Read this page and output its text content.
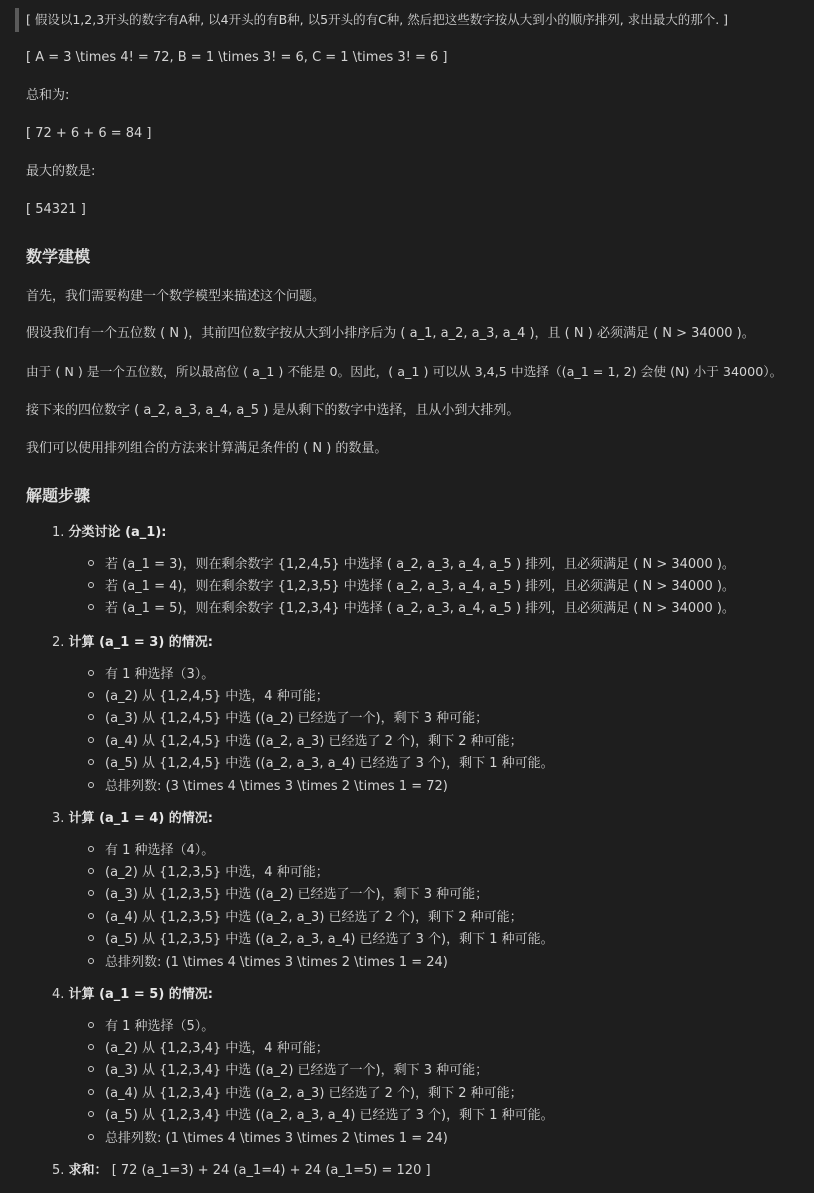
[ 假设以1,2,3开头的数字有A种, 以4开头的有B种, 以5开头的有C种, 然后把这些数字按从大到小的顺序排列, 求出最大的那个. ]
[ A = 3 \times 4! = 72, B = 1 \times 3! = 6, C = 1 \times 3! = 6 ]
总和为:
[ 72 + 6 + 6 = 84 ]
最大的数是:
[ 54321 ]
数学建模
首先，我们需要构建一个数学模型来描述这个问题。
假设我们有一个五位数 ( N )，其前四位数字按从大到小排序后为 ( a_1, a_2, a_3, a_4 )，且 ( N ) 必须满足 ( N > 34000 )。
由于 ( N ) 是一个五位数，所以最高位 ( a_1 ) 不能是 0。因此，( a_1 ) 可以从 3,4,5 中选择（(a_1 = 1, 2) 会使 (N) 小于 34000）。
接下来的四位数字 ( a_2, a_3, a_4, a_5 ) 是从剩下的数字中选择，且从小到大排列。
我们可以使用排列组合的方法来计算满足条件的 ( N ) 的数量。
解题步骤
1. 分类讨论 (a_1):
若 (a_1 = 3)，则在剩余数字 {1,2,4,5} 中选择 ( a_2, a_3, a_4, a_5 ) 排列，且必须满足 ( N > 34000 )。
若 (a_1 = 4)，则在剩余数字 {1,2,3,5} 中选择 ( a_2, a_3, a_4, a_5 ) 排列，且必须满足 ( N > 34000 )。
若 (a_1 = 5)，则在剩余数字 {1,2,3,4} 中选择 ( a_2, a_3, a_4, a_5 ) 排列，且必须满足 ( N > 34000 )。
2. 计算 (a_1 = 3) 的情况:
有 1 种选择（3）。
(a_2) 从 {1,2,4,5} 中选，4 种可能；
(a_3) 从 {1,2,4,5} 中选 ((a_2) 已经选了一个)，剩下 3 种可能；
(a_4) 从 {1,2,4,5} 中选 ((a_2, a_3) 已经选了 2 个)，剩下 2 种可能；
(a_5) 从 {1,2,4,5} 中选 ((a_2, a_3, a_4) 已经选了 3 个)，剩下 1 种可能。
总排列数: (3 \times 4 \times 3 \times 2 \times 1 = 72)
3. 计算 (a_1 = 4) 的情况:
有 1 种选择（4）。
(a_2) 从 {1,2,3,5} 中选，4 种可能；
(a_3) 从 {1,2,3,5} 中选 ((a_2) 已经选了一个)，剩下 3 种可能；
(a_4) 从 {1,2,3,5} 中选 ((a_2, a_3) 已经选了 2 个)，剩下 2 种可能；
(a_5) 从 {1,2,3,5} 中选 ((a_2, a_3, a_4) 已经选了 3 个)，剩下 1 种可能。
总排列数: (1 \times 4 \times 3 \times 2 \times 1 = 24)
4. 计算 (a_1 = 5) 的情况:
有 1 种选择（5）。
(a_2) 从 {1,2,3,4} 中选，4 种可能；
(a_3) 从 {1,2,3,4} 中选 ((a_2) 已经选了一个)，剩下 3 种可能；
(a_4) 从 {1,2,3,4} 中选 ((a_2, a_3) 已经选了 2 个)，剩下 2 种可能；
(a_5) 从 {1,2,3,4} 中选 ((a_2, a_3, a_4) 已经选了 3 个)，剩下 1 种可能。
总排列数: (1 \times 4 \times 3 \times 2 \times 1 = 24)
5. 求和： [ 72 (a_1=3) + 24 (a_1=4) + 24 (a_1=5) = 120 ]
